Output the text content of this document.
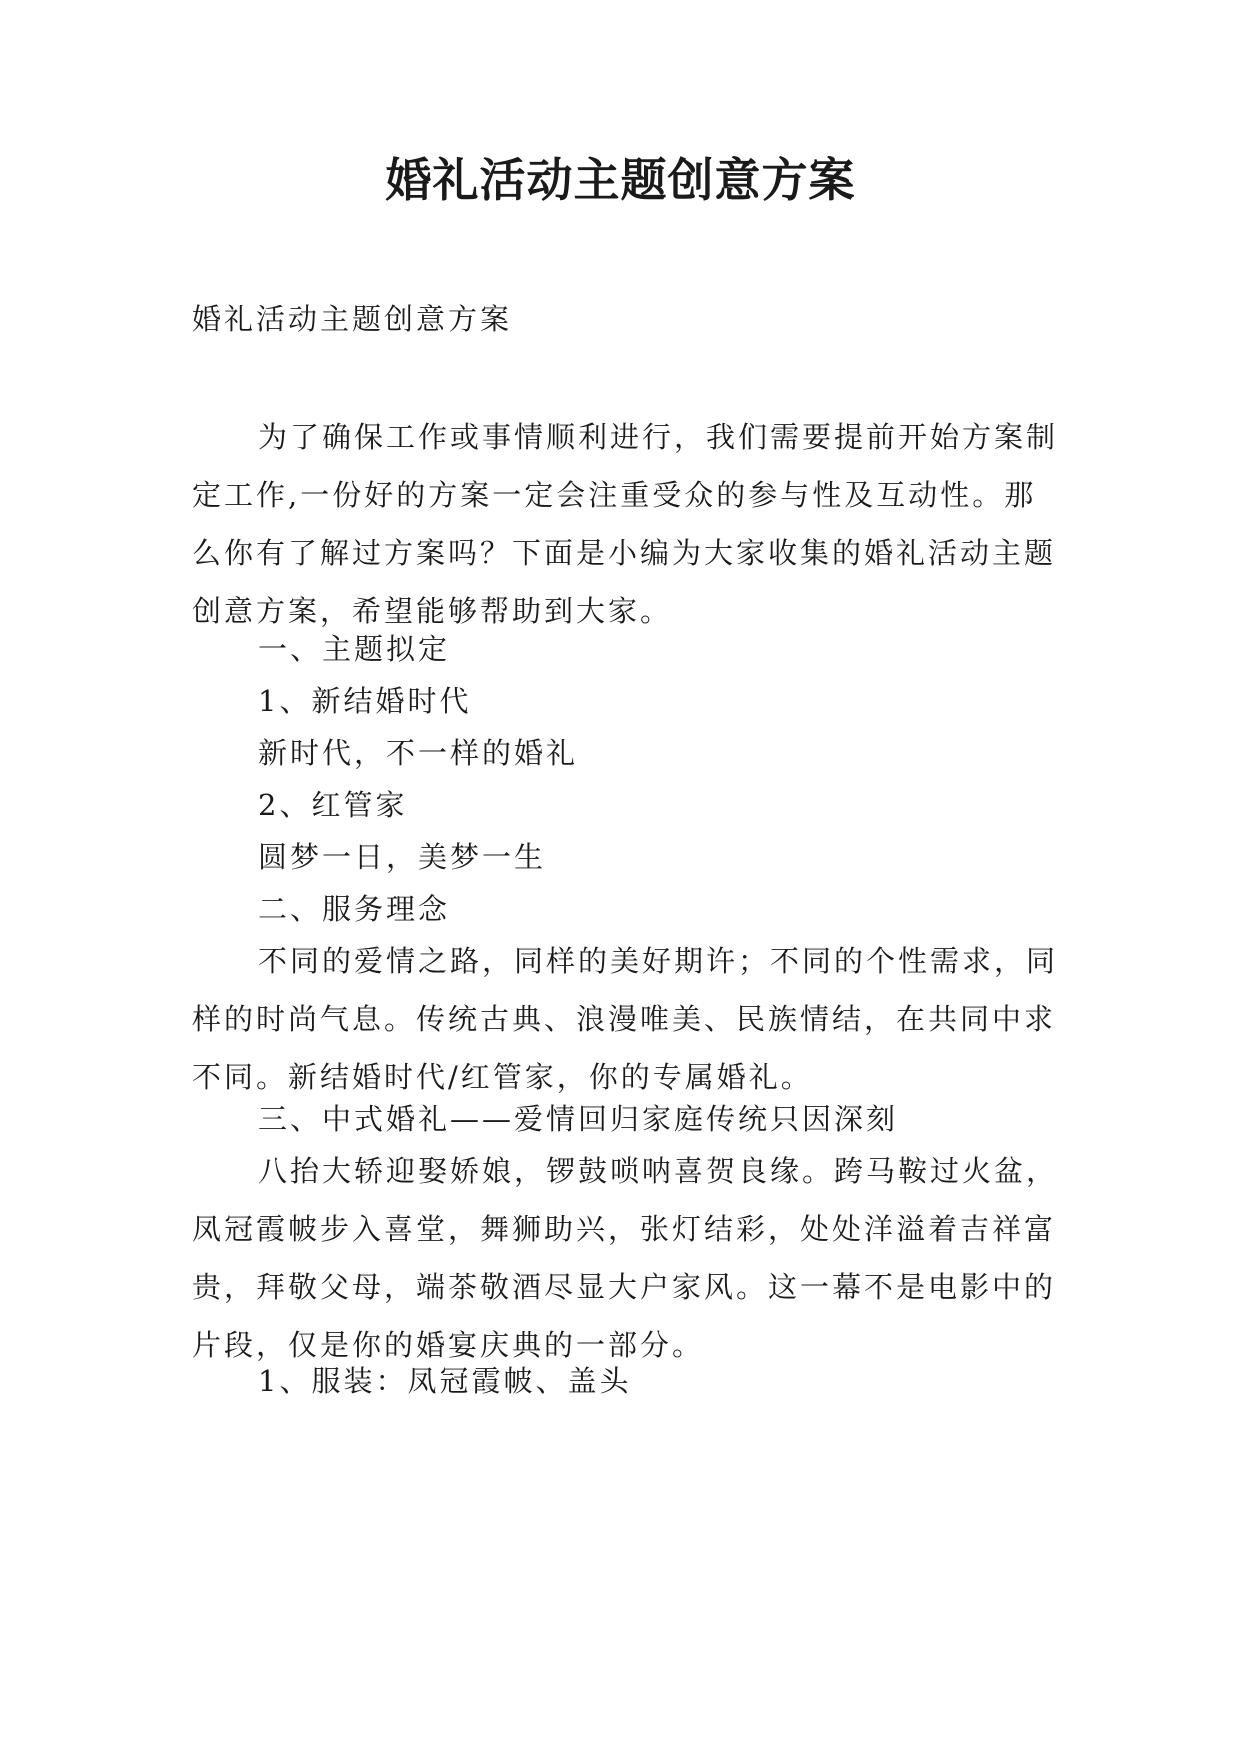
婚礼活动主题创意方案
婚礼活动主题创意方案
为了确保工作或事情顺利进行，我们需要提前开始方案制定工作,一份好的方案一定会注重受众的参与性及互动性。那么你有了解过方案吗？下面是小编为大家收集的婚礼活动主题创意方案，希望能够帮助到大家。
一、主题拟定
1、新结婚时代
新时代，不一样的婚礼
2、红管家
圆梦一日，美梦一生
二、服务理念
不同的爱情之路，同样的美好期许；不同的个性需求，同样的时尚气息。传统古典、浪漫唯美、民族情结，在共同中求不同。新结婚时代/红管家，你的专属婚礼。
三、中式婚礼——爱情回归家庭传统只因深刻
八抬大轿迎娶娇娘，锣鼓唢呐喜贺良缘。跨马鞍过火盆，凤冠霞帔步入喜堂，舞狮助兴，张灯结彩，处处洋溢着吉祥富贵，拜敬父母，端茶敬酒尽显大户家风。这一幕不是电影中的片段，仅是你的婚宴庆典的一部分。
1、服装：凤冠霞帔、盖头
